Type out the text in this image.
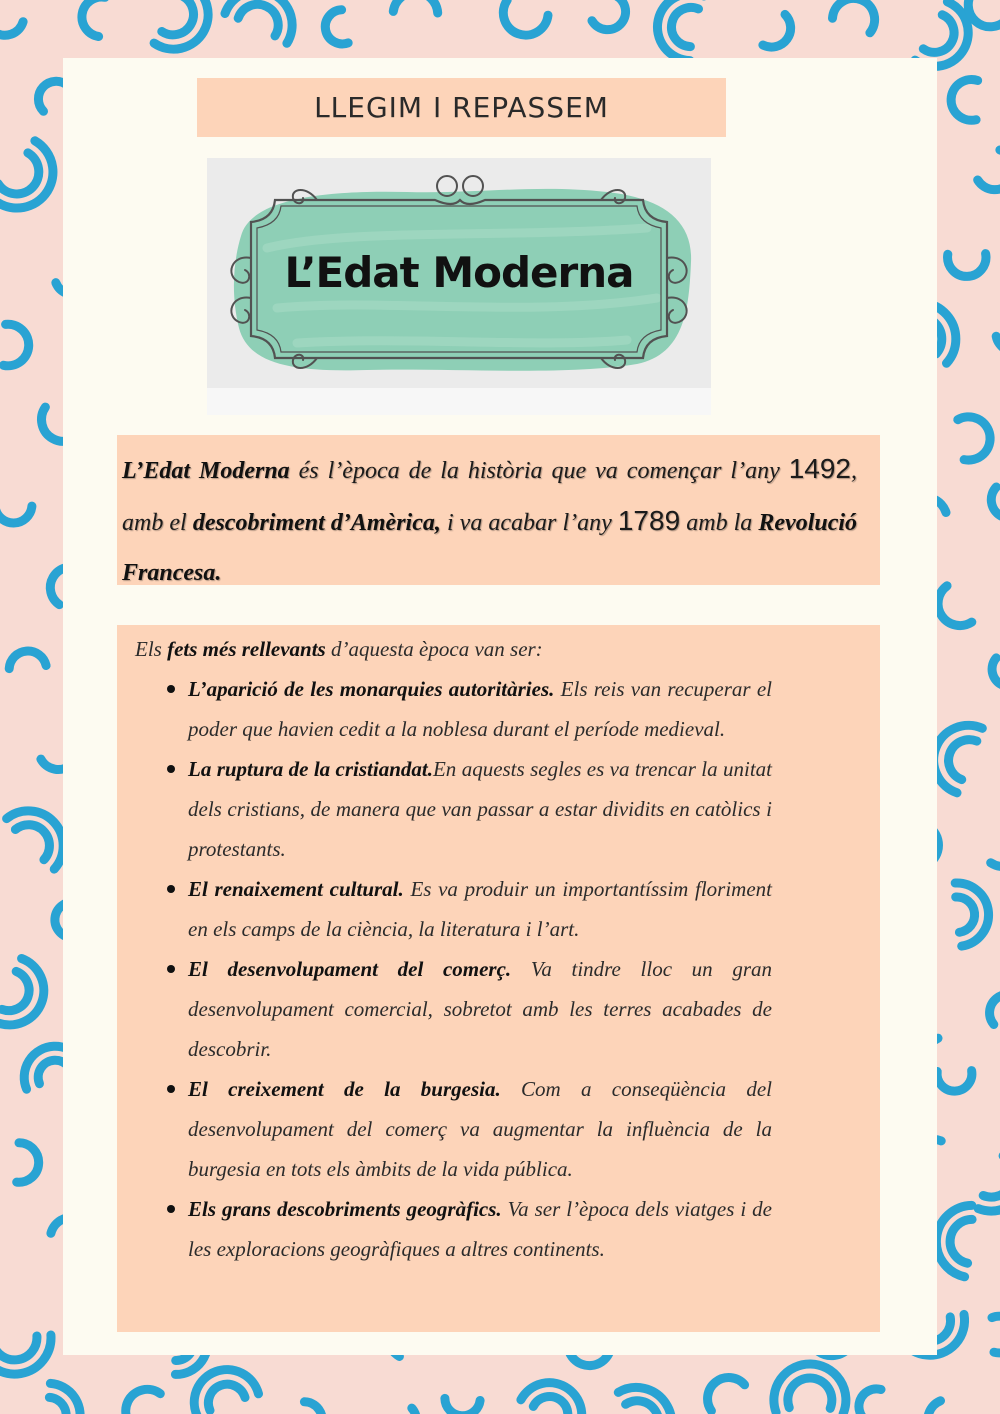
LLEGIM I REPASSEM
L’Edat Moderna
L’Edat Moderna és l’època de la història que va començar l’any 1492, amb el descobriment d’Amèrica, i va acabar l’any 1789 amb la Revolució Francesa.

Els fets més rellevants d’aquesta època van ser:

L’aparició de les monarquies autoritàries. Els reis van recuperar el poder que havien cedit a la noblesa durant el període medieval.
La ruptura de la cristiandat.En aquests segles es va trencar la unitat dels cristians, de manera que van passar a estar dividits en catòlics i protestants.
El renaixement cultural. Es va produir un importantíssim floriment en els camps de la ciència, la literatura i l’art.
El desenvolupament del comerç. Va tindre lloc un gran desenvolupament comercial, sobretot amb les terres acabades de descobrir.
El creixement de la burgesia. Com a conseqüència del desenvolupament del comerç va augmentar la influència de la burgesia en tots els àmbits de la vida pública.
Els grans descobriments geogràfics. Va ser l’època dels viatges i de les exploracions geogràfiques a altres continents.
